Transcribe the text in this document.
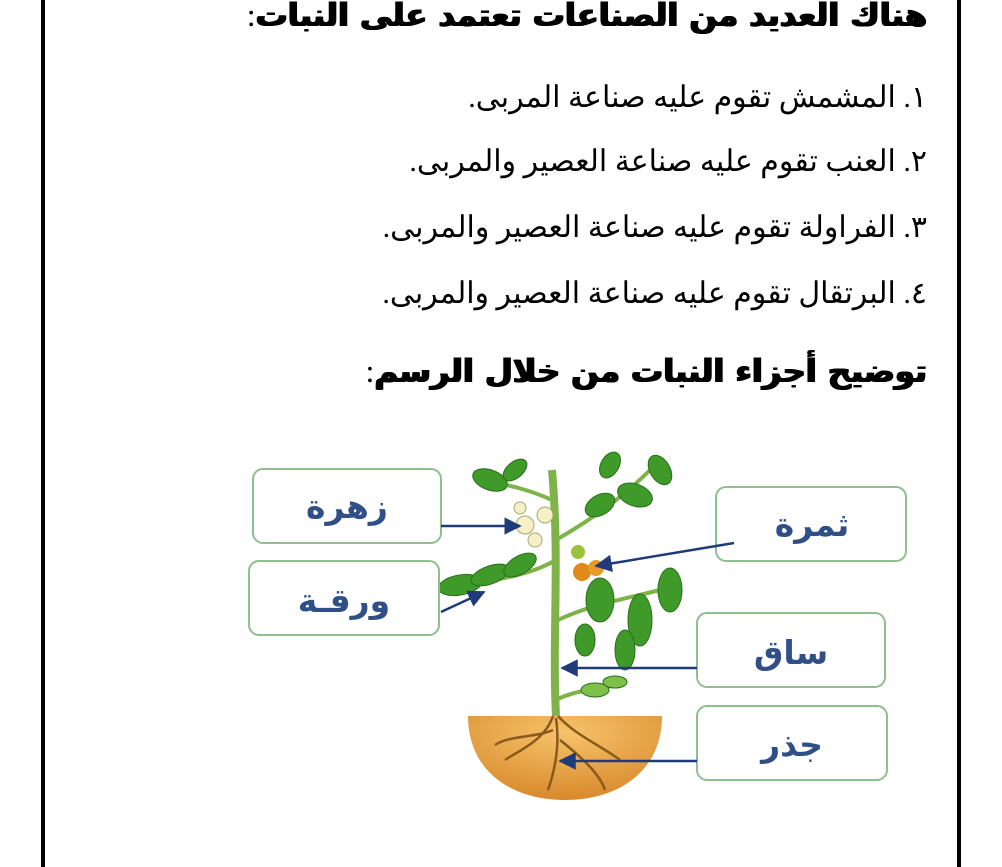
هناك العديد من الصناعات تعتمد على النبات:
١. المشمش تقوم عليه صناعة المربى.
٢. العنب تقوم عليه صناعة العصير والمربى.
٣. الفراولة تقوم عليه صناعة العصير والمربى.
٤. البرتقال تقوم عليه صناعة العصير والمربى.
توضيح أجزاء النبات من خلال الرسم:
زهرة
ورقـة
ثمرة
ساق
جذر
